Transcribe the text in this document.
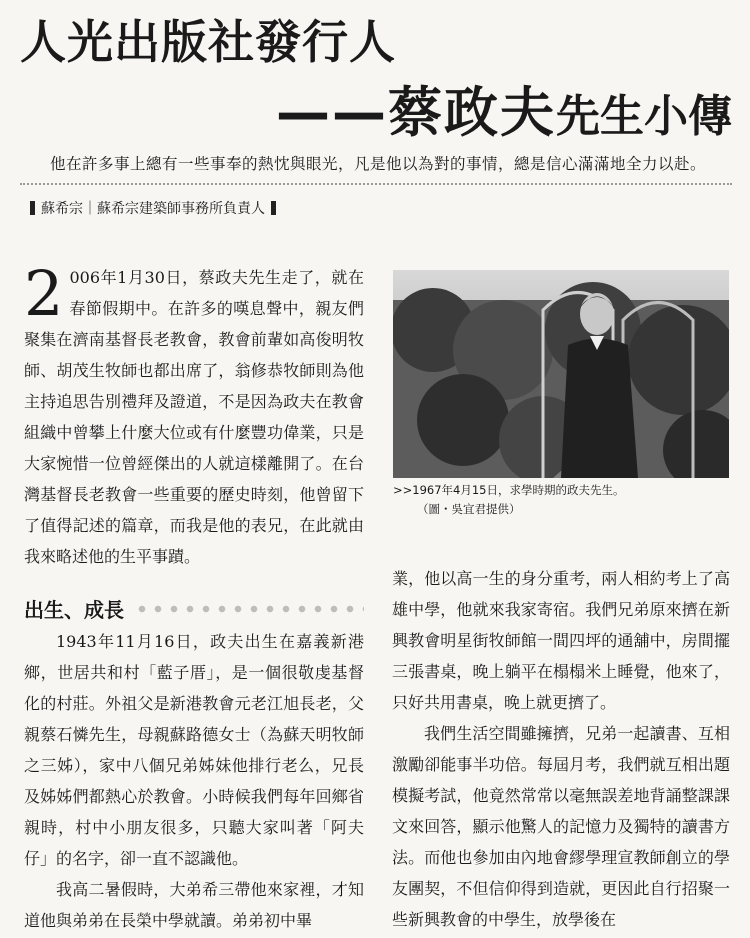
人光出版社發行人
——蔡政夫先生小傳
他在許多事上總有一些事奉的熱忱與眼光，凡是他以為對的事情，總是信心滿滿地全力以赴。
蘇希宗｜蘇希宗建築師事務所負責人

2 006年1月30日，蔡政夫先生走了，就在春節假期中。在許多的嘆息聲中，親友們聚集在濟南基督長老教會，教會前輩如高俊明牧師、胡茂生牧師也都出席了，翁修恭牧師則為他主持追思告別禮拜及證道，不是因為政夫在教會組織中曾攀上什麼大位或有什麼豐功偉業，只是大家惋惜一位曾經傑出的人就這樣離開了。在台灣基督長老教會一些重要的歷史時刻，他曾留下了值得記述的篇章，而我是他的表兄，在此就由我來略述他的生平事蹟。

出生、成長

1943年11月16日，政夫出生在嘉義新港鄉，世居共和村「藍子厝」，是一個很敬虔基督化的村莊。外祖父是新港教會元老江旭長老，父親蔡石憐先生，母親蘇路德女士（為蘇天明牧師之三姊），家中八個兄弟姊妹他排行老么，兄長及姊姊們都熱心於教會。小時候我們每年回鄉省親時，村中小朋友很多，只聽大家叫著「阿夫仔」的名字，卻一直不認識他。

我高二暑假時，大弟希三帶他來家裡，才知道他與弟弟在長榮中學就讀。弟弟初中畢

>>1967年4月15日，求學時期的政夫先生。
（圖・吳宜君提供）

業，他以高一生的身分重考，兩人相約考上了高雄中學，他就來我家寄宿。我們兄弟原來擠在新興教會明星街牧師館一間四坪的通舖中，房間擺三張書桌，晚上躺平在榻榻米上睡覺，他來了，只好共用書桌，晚上就更擠了。

我們生活空間雖擁擠，兄弟一起讀書、互相激勵卻能事半功倍。每屆月考，我們就互相出題模擬考試，他竟然常常以毫無誤差地背誦整課課文來回答，顯示他驚人的記憶力及獨特的讀書方法。而他也參加由內地會繆學理宣教師創立的學友團契，不但信仰得到造就，更因此自行招聚一些新興教會的中學生，放學後在
